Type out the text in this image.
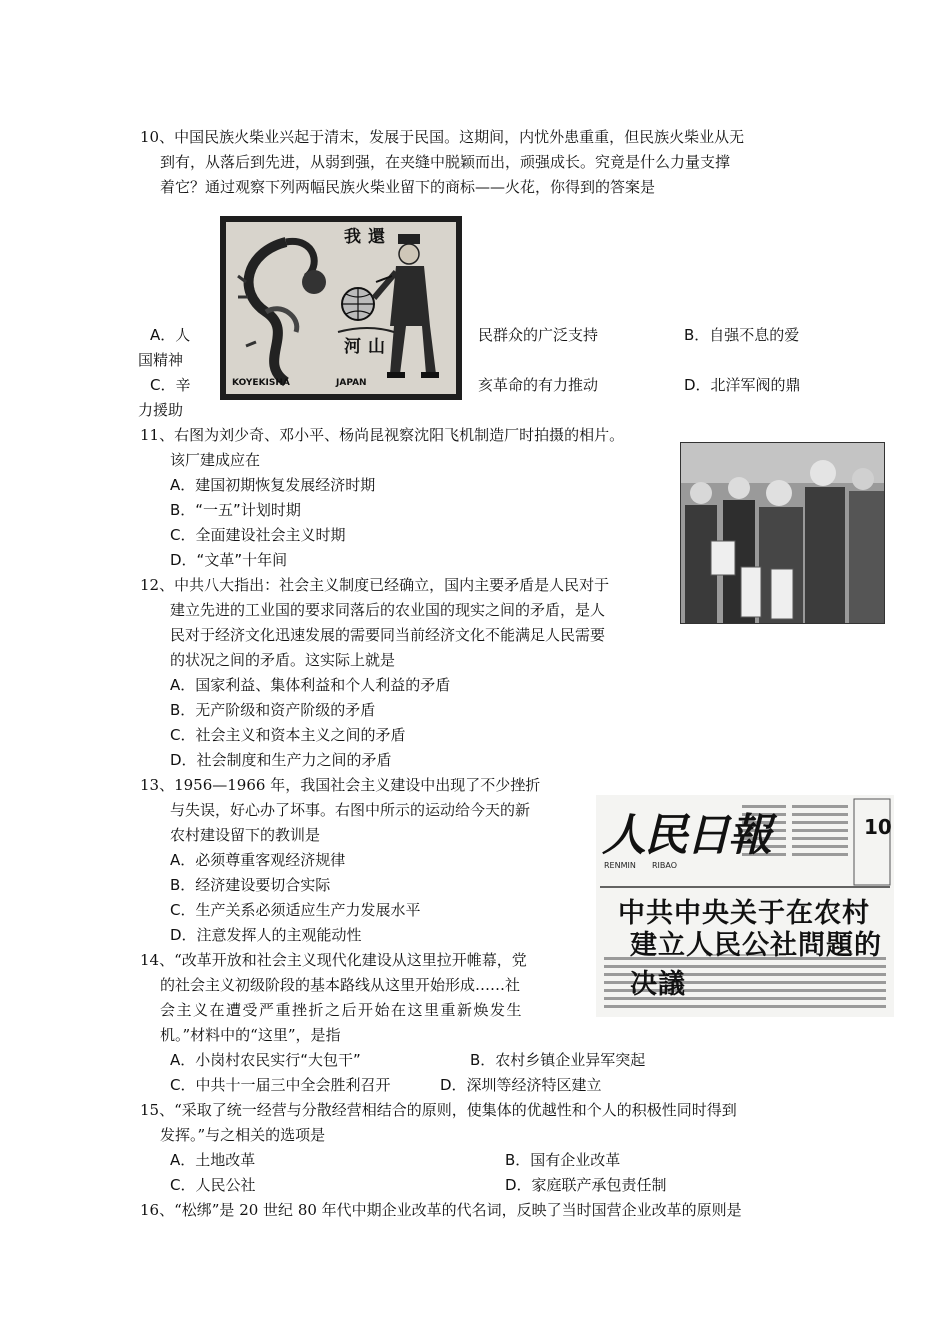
10、中国民族火柴业兴起于清末，发展于民国。这期间，内忧外患重重，但民族火柴业从无
到有，从落后到先进，从弱到强，在夹缝中脱颖而出，顽强成长。究竟是什么力量支撑
着它？通过观察下列两幅民族火柴业留下的商标——火花，你得到的答案是
我 還
河 山
KOYEKISHA	JAPAN
A．人	民群众的广泛支持	B．自强不息的爱
国精神
C．辛	亥革命的有力推动	D．北洋军阀的鼎
力援助
11、右图为刘少奇、邓小平、杨尚昆视察沈阳飞机制造厂时拍摄的相片。
该厂建成应在
A．建国初期恢复发展经济时期
B．“一五”计划时期
C．全面建设社会主义时期
D．“文革”十年间
12、中共八大指出：社会主义制度已经确立，国内主要矛盾是人民对于
建立先进的工业国的要求同落后的农业国的现实之间的矛盾，是人
民对于经济文化迅速发展的需要同当前经济文化不能满足人民需要
的状况之间的矛盾。这实际上就是
A．国家利益、集体利益和个人利益的矛盾
B．无产阶级和资产阶级的矛盾
C．社会主义和资本主义之间的矛盾
D．社会制度和生产力之间的矛盾
13、1956—1966 年，我国社会主义建设中出现了不少挫折
与失误，好心办了坏事。右图中所示的运动给今天的新
农村建设留下的教训是
A．必须尊重客观经济规律
B．经济建设要切合实际
C．生产关系必须适应生产力发展水平
D．注意发挥人的主观能动性
人民日報
RENMIN RIBAO
10
中共中央关于在农村
建立人民公社問題的决議
14、“改革开放和社会主义现代化建设从这里拉开帷幕，党
的社会主义初级阶段的基本路线从这里开始形成……社
会主义在遭受严重挫折之后开始在这里重新焕发生
机。”材料中的“这里”，是指
A．小岗村农民实行“大包干”	B．农村乡镇企业异军突起
C．中共十一届三中全会胜利召开	D．深圳等经济特区建立
15、“采取了统一经营与分散经营相结合的原则，使集体的优越性和个人的积极性同时得到
发挥。”与之相关的选项是
A．土地改革	B．国有企业改革
C．人民公社	D．家庭联产承包责任制
16、“松绑”是 20 世纪 80 年代中期企业改革的代名词，反映了当时国营企业改革的原则是
